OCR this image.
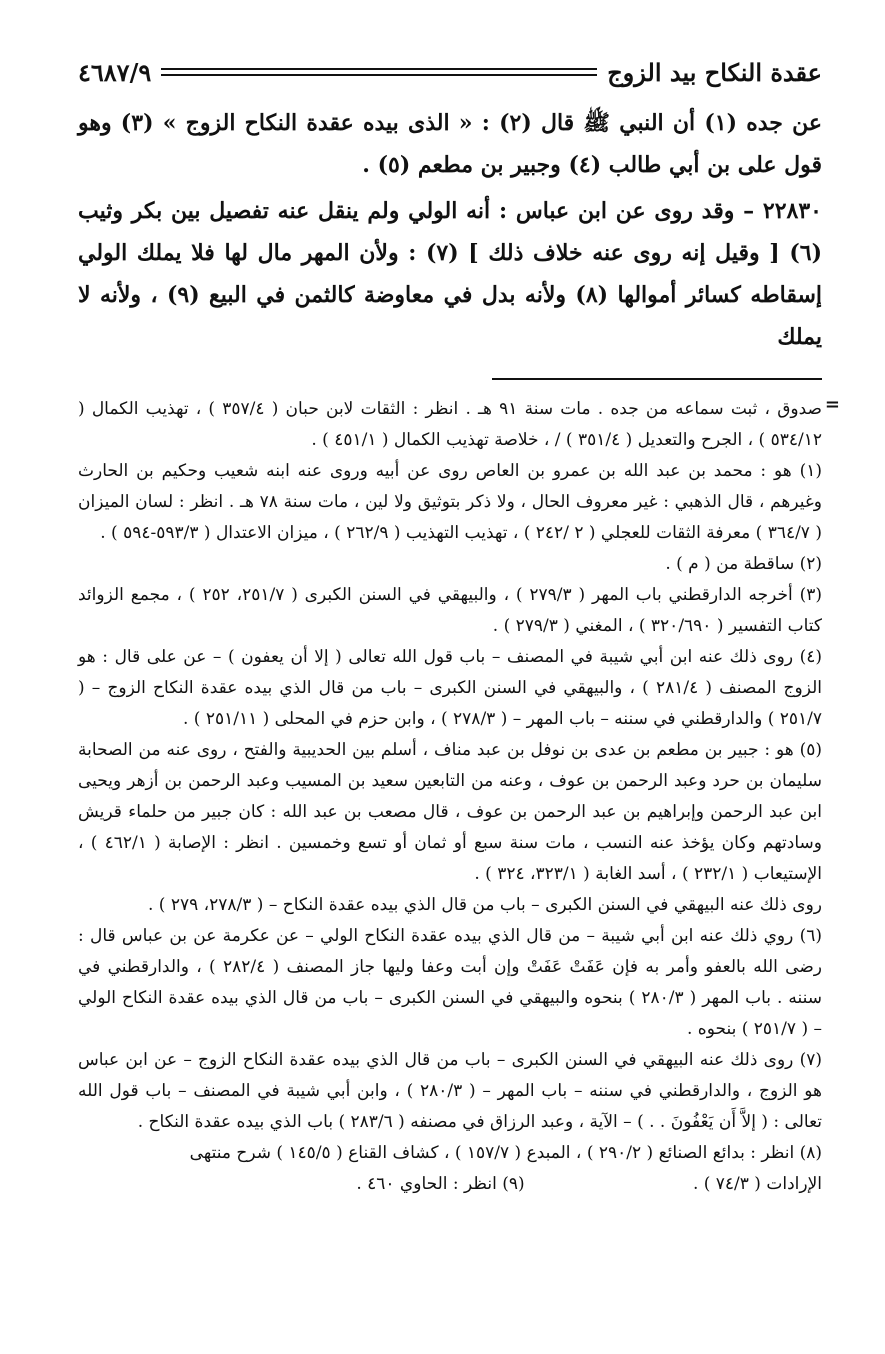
عقدة النكاح بيد الزوج
٤٦٨٧/٩

عن جده (١) أن النبي ﷺ قال (٢) : « الذى بيده عقدة النكاح الزوج » (٣) وهو قول على بن أبي طالب (٤) وجبير بن مطعم (٥) .

٢٢٨٣٠ – وقد روى عن ابن عباس : أنه الولي ولم ينقل عنه تفصيل بين بكر وثيب (٦) [ وقيل إنه روى عنه خلاف ذلك ] (٧) : ولأن المهر مال لها فلا يملك الولي إسقاطه كسائر أموالها (٨) ولأنه بدل في معاوضة كالثمن في البيع (٩) ، ولأنه لا يملك

=

صدوق ، ثبت سماعه من جده . مات سنة ٩١ هـ . انظر : الثقات لابن حبان ( ٣٥٧/٤ ) ، تهذيب الكمال ( ٥٣٤/١٢ ) ، الجرح والتعديل ( ٣٥١/٤ ) / ، خلاصة تهذيب الكمال ( ٤٥١/١ ) .

(١) هو : محمد بن عبد الله بن عمرو بن العاص روى عن أبيه وروى عنه ابنه شعيب وحكيم بن الحارث وغيرهم ، قال الذهبي : غير معروف الحال ، ولا ذكر بتوثيق ولا لين ، مات سنة ٧٨ هـ . انظر : لسان الميزان ( ٣٦٤/٧ ) معرفة الثقات للعجلي ( ٢ /٢٤٢ ) ، تهذيب التهذيب ( ٢٦٢/٩ ) ، ميزان الاعتدال ( ٥٩٣/٣-٥٩٤ ) .

(٢) ساقطة من ( م ) .

(٣) أخرجه الدارقطني باب المهر ( ٢٧٩/٣ ) ، والبيهقي في السنن الكبرى ( ٢٥١/٧، ٢٥٢ ) ، مجمع الزوائد كتاب التفسير ( ٣٢٠/٦٩٠ ) ، المغني ( ٢٧٩/٣ ) .

(٤) روى ذلك عنه ابن أبي شيبة في المصنف – باب قول الله تعالى ( إلا أن يعفون ) – عن على قال : هو الزوج المصنف ( ٢٨١/٤ ) ، والبيهقي في السنن الكبرى – باب من قال الذي بيده عقدة النكاح الزوج – ( ٢٥١/٧ ) والدارقطني في سننه – باب المهر – ( ٢٧٨/٣ ) ، وابن حزم في المحلى ( ٢٥١/١١ ) .

(٥) هو : جبير بن مطعم بن عدى بن نوفل بن عبد مناف ، أسلم بين الحديبية والفتح ، روى عنه من الصحابة سليمان بن حرد وعبد الرحمن بن عوف ، وعنه من التابعين سعيد بن المسيب وعبد الرحمن بن أزهر ويحيى ابن عبد الرحمن وإبراهيم بن عبد الرحمن بن عوف ، قال مصعب بن عبد الله : كان جبير من حلماء قريش وسادتهم وكان يؤخذ عنه النسب ، مات سنة سبع أو ثمان أو تسع وخمسين . انظر : الإصابة ( ٤٦٢/١ ) ، الإستيعاب ( ٢٣٢/١ ) ، أسد الغابة ( ٣٢٣/١، ٣٢٤ ) .

روى ذلك عنه البيهقي في السنن الكبرى – باب من قال الذي بيده عقدة النكاح – ( ٢٧٨/٣، ٢٧٩ ) .

(٦) روي ذلك عنه ابن أبي شيبة – من قال الذي بيده عقدة النكاح الولي – عن عكرمة عن بن عباس قال : رضى الله بالعفو وأمر به فإن عَفَتْ عَفَتْ وإن أبت وعفا وليها جاز المصنف ( ٢٨٢/٤ ) ، والدارقطني في سننه . باب المهر ( ٢٨٠/٣ ) بنحوه والبيهقي في السنن الكبرى – باب من قال الذي بيده عقدة النكاح الولي – ( ٢٥١/٧ ) بنحوه .

(٧) روى ذلك عنه البيهقي في السنن الكبرى – باب من قال الذي بيده عقدة النكاح الزوج – عن ابن عباس هو الزوج ، والدارقطني في سننه – باب المهر – ( ٢٨٠/٣ ) ، وابن أبي شيبة في المصنف – باب قول الله تعالى : ( إلاَّ أَن يَعْفُونَ . . ) – الآية ، وعبد الرزاق في مصنفه ( ٢٨٣/٦ ) باب الذي بيده عقدة النكاح .

(٨) انظر : بدائع الصنائع ( ٢٩٠/٢ ) ، المبدع ( ١٥٧/٧ ) ، كشاف القناع ( ١٤٥/٥ ) شرح منتهى

الإرادات ( ٧٤/٣ ) .
(٩) انظر : الحاوي ٤٦٠ .
